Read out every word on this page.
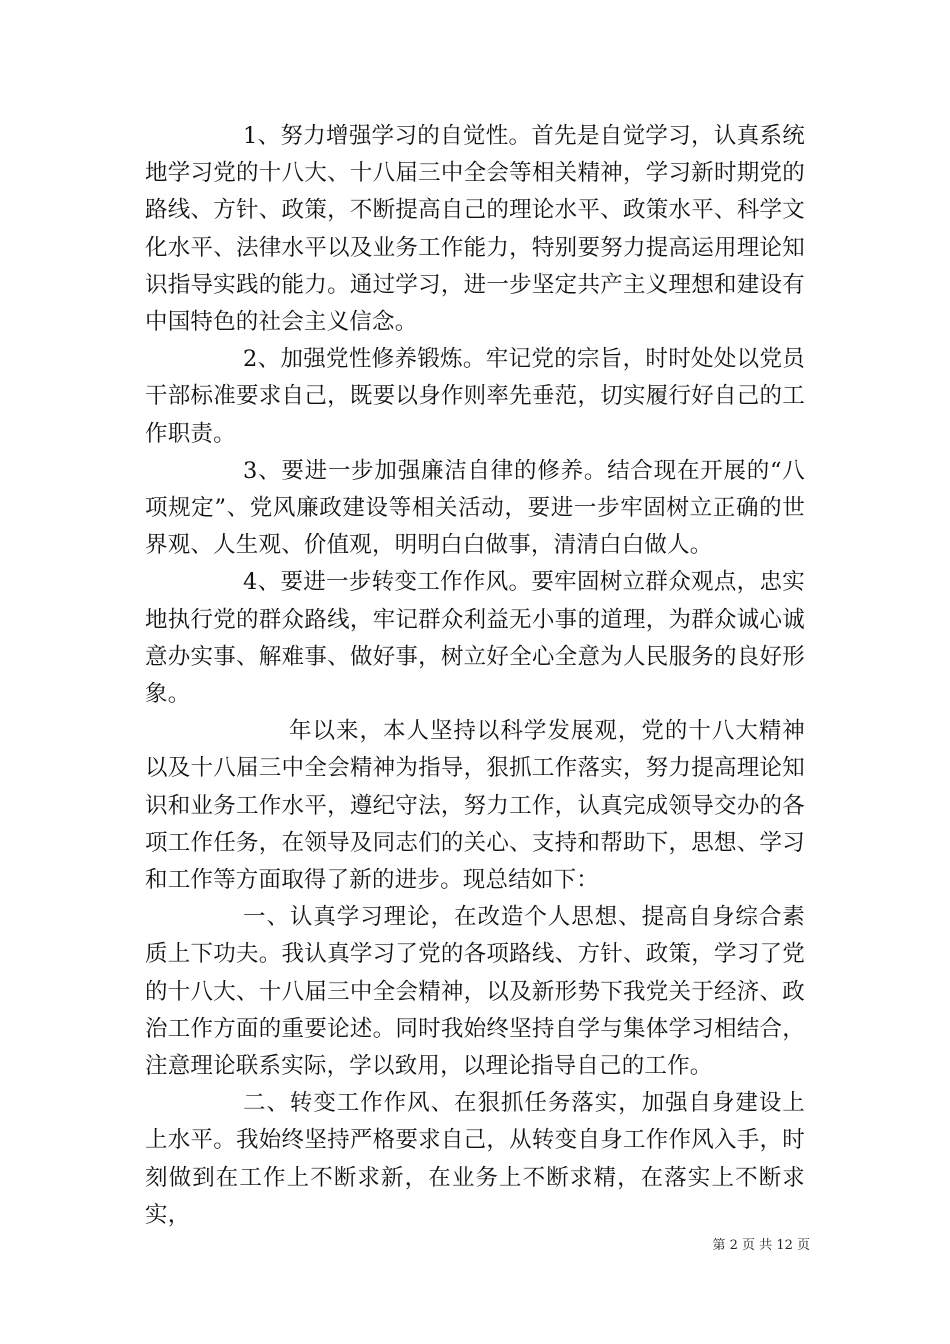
1、努力增强学习的自觉性。首先是自觉学习，认真系统地学习党的十八大、十八届三中全会等相关精神，学习新时期党的路线、方针、政策，不断提高自己的理论水平、政策水平、科学文化水平、法律水平以及业务工作能力，特别要努力提高运用理论知识指导实践的能力。通过学习，进一步坚定共产主义理想和建设有中国特色的社会主义信念。

2、加强党性修养锻炼。牢记党的宗旨，时时处处以党员干部标准要求自己，既要以身作则率先垂范，切实履行好自己的工作职责。

3、要进一步加强廉洁自律的修养。结合现在开展的“八项规定”、党风廉政建设等相关活动，要进一步牢固树立正确的世界观、人生观、价值观，明明白白做事，清清白白做人。

4、要进一步转变工作作风。要牢固树立群众观点，忠实地执行党的群众路线，牢记群众利益无小事的道理，为群众诚心诚意办实事、解难事、做好事，树立好全心全意为人民服务的良好形象。

年以来，本人坚持以科学发展观，党的十八大精神以及十八届三中全会精神为指导，狠抓工作落实，努力提高理论知识和业务工作水平，遵纪守法，努力工作，认真完成领导交办的各项工作任务，在领导及同志们的关心、支持和帮助下，思想、学习和工作等方面取得了新的进步。现总结如下：

一、认真学习理论，在改造个人思想、提高自身综合素质上下功夫。我认真学习了党的各项路线、方针、政策，学习了党的十八大、十八届三中全会精神，以及新形势下我党关于经济、政治工作方面的重要论述。同时我始终坚持自学与集体学习相结合，注意理论联系实际，学以致用，以理论指导自己的工作。

二、转变工作作风、在狠抓任务落实，加强自身建设上上水平。我始终坚持严格要求自己，从转变自身工作作风入手，时刻做到在工作上不断求新，在业务上不断求精，在落实上不断求实，

第 2 页 共 12 页
